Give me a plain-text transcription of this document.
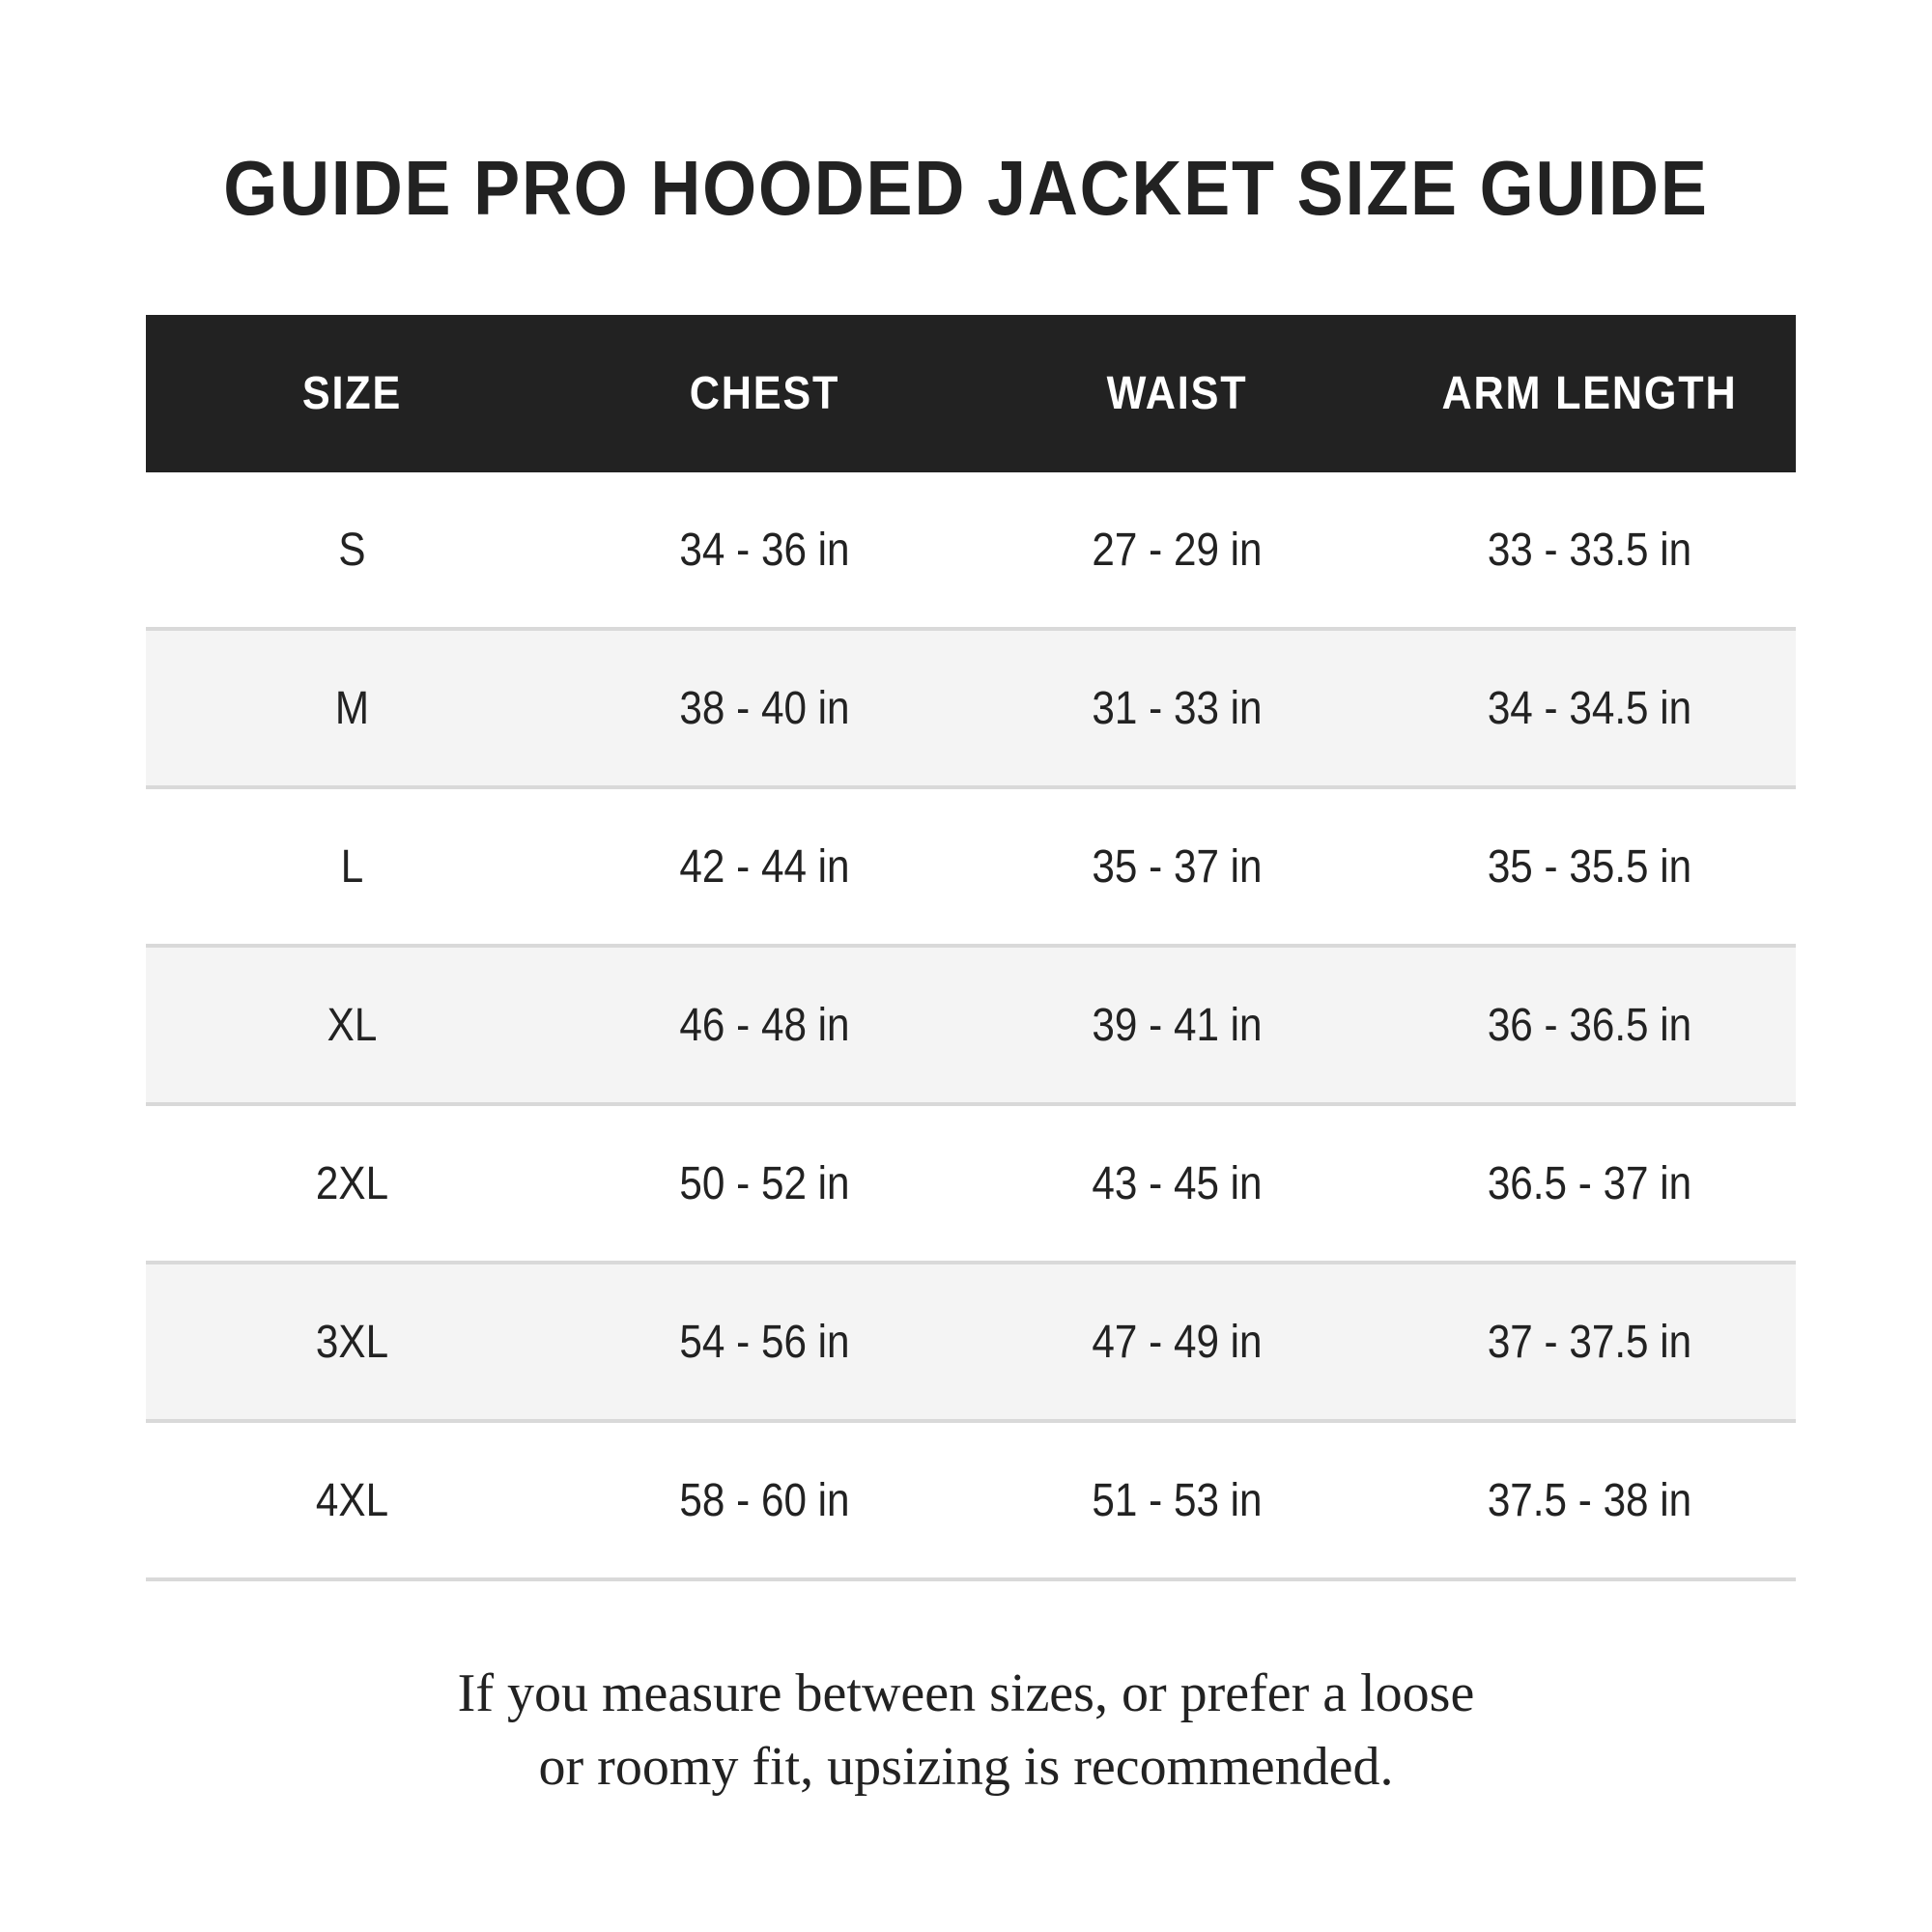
GUIDE PRO HOODED JACKET SIZE GUIDE
SIZE	CHEST	WAIST	ARM LENGTH
S	34 - 36 in	27 - 29 in	33 - 33.5 in
M	38 - 40 in	31 - 33 in	34 - 34.5 in
L	42 - 44 in	35 - 37 in	35 - 35.5 in
XL	46 - 48 in	39 - 41 in	36 - 36.5 in
2XL	50 - 52 in	43 - 45 in	36.5 - 37 in
3XL	54 - 56 in	47 - 49 in	37 - 37.5 in
4XL	58 - 60 in	51 - 53 in	37.5 - 38 in
If you measure between sizes, or prefer a loose
or roomy fit, upsizing is recommended.
